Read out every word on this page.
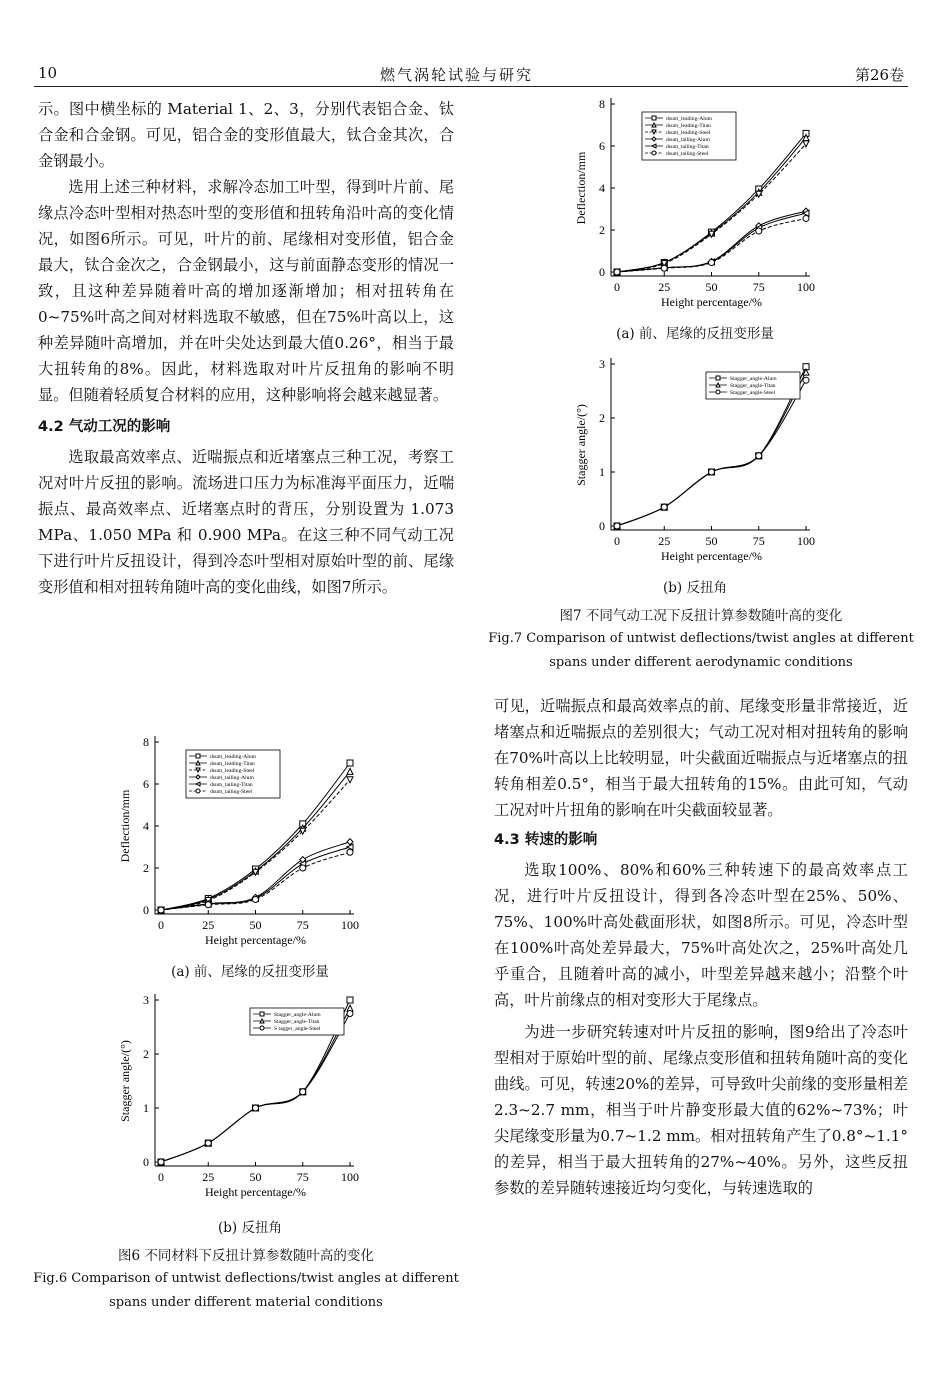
10	燃气涡轮试验与研究	第26卷

示。图中横坐标的 Material 1、2、3，分别代表铝合金、钛合金和合金钢。可见，铝合金的变形值最大，钛合金其次，合金钢最小。

选用上述三种材料，求解冷态加工叶型，得到叶片前、尾缘点冷态叶型相对热态叶型的变形值和扭转角沿叶高的变化情况，如图6所示。可见，叶片的前、尾缘相对变形值，铝合金最大，钛合金次之，合金钢最小，这与前面静态变形的情况一致，且这种差异随着叶高的增加逐渐增加；相对扭转角在0~75%叶高之间对材料选取不敏感，但在75%叶高以上，这种差异随叶高增加，并在叶尖处达到最大值0.26°，相当于最大扭转角的8%。因此，材料选取对叶片反扭角的影响不明显。但随着轻质复合材料的应用，这种影响将会越来越显著。

4.2 气动工况的影响

选取最高效率点、近喘振点和近堵塞点三种工况，考察工况对叶片反扭的影响。流场进口压力为标准海平面压力，近喘振点、最高效率点、近堵塞点时的背压，分别设置为 1.073 MPa、1.050 MPa 和 0.900 MPa。在这三种不同气动工况下进行叶片反扭设计，得到冷态叶型相对原始叶型的前、尾缘变形值和相对扭转角随叶高的变化曲线，如图7所示。

0	25	50	75	100
0
2
4
6
8
Height percentage/%
Deflection/mm
dsum_leading-Alum
dsum_leading-Titan
dsum_leading-Steel
dsum_tailing-Alum
dsum_tailing-Titan
dsum_tailing-Steel
(a) 前、尾缘的反扭变形量
0	25	50	75	100
0
1
2
3
Height percentage/%
Stagger angle/(°)
Stagger_angle-Alum
Stagger_angle-Titan
S tagger_angle-Steel
(b) 反扭角
图6 不同材料下反扭计算参数随叶高的变化
Fig.6 Comparison of untwist deflections/twist angles at different
spans under different material conditions
0	25	50	75	100
0
2
4
6
8
Height percentage/%
Deflection/mm
dsum_leading-Alum
dsum_leading-Titan
dsum_leading-Steel
dsum_tailing-Alum
dsum_tailing-Titan
dsum_tailing-Steel
(a) 前、尾缘的反扭变形量
0	25	50	75	100
0
1
2
3
Height percentage/%
Stagger angle/(°)
Stagger_angle-Alum
Stagger_angle-Titan
Stagger_angle-Steel
(b) 反扭角
图7 不同气动工况下反扭计算参数随叶高的变化
Fig.7 Comparison of untwist deflections/twist angles at different
spans under different aerodynamic conditions

可见，近喘振点和最高效率点的前、尾缘变形量非常接近，近堵塞点和近喘振点的差别很大；气动工况对相对扭转角的影响在70%叶高以上比较明显，叶尖截面近喘振点与近堵塞点的扭转角相差0.5°，相当于最大扭转角的15%。由此可知，气动工况对叶片扭角的影响在叶尖截面较显著。

4.3 转速的影响

选取100%、80%和60%三种转速下的最高效率点工况，进行叶片反扭设计，得到各冷态叶型在25%、50%、75%、100%叶高处截面形状，如图8所示。可见，冷态叶型在100%叶高处差异最大，75%叶高处次之，25%叶高处几乎重合，且随着叶高的减小，叶型差异越来越小；沿整个叶高，叶片前缘点的相对变形大于尾缘点。

为进一步研究转速对叶片反扭的影响，图9给出了冷态叶型相对于原始叶型的前、尾缘点变形值和扭转角随叶高的变化曲线。可见，转速20%的差异，可导致叶尖前缘的变形量相差2.3~2.7 mm，相当于叶片静变形最大值的62%~73%；叶尖尾缘变形量为0.7~1.2 mm。相对扭转角产生了0.8°~1.1°的差异，相当于最大扭转角的27%~40%。另外，这些反扭参数的差异随转速接近均匀变化，与转速选取的
